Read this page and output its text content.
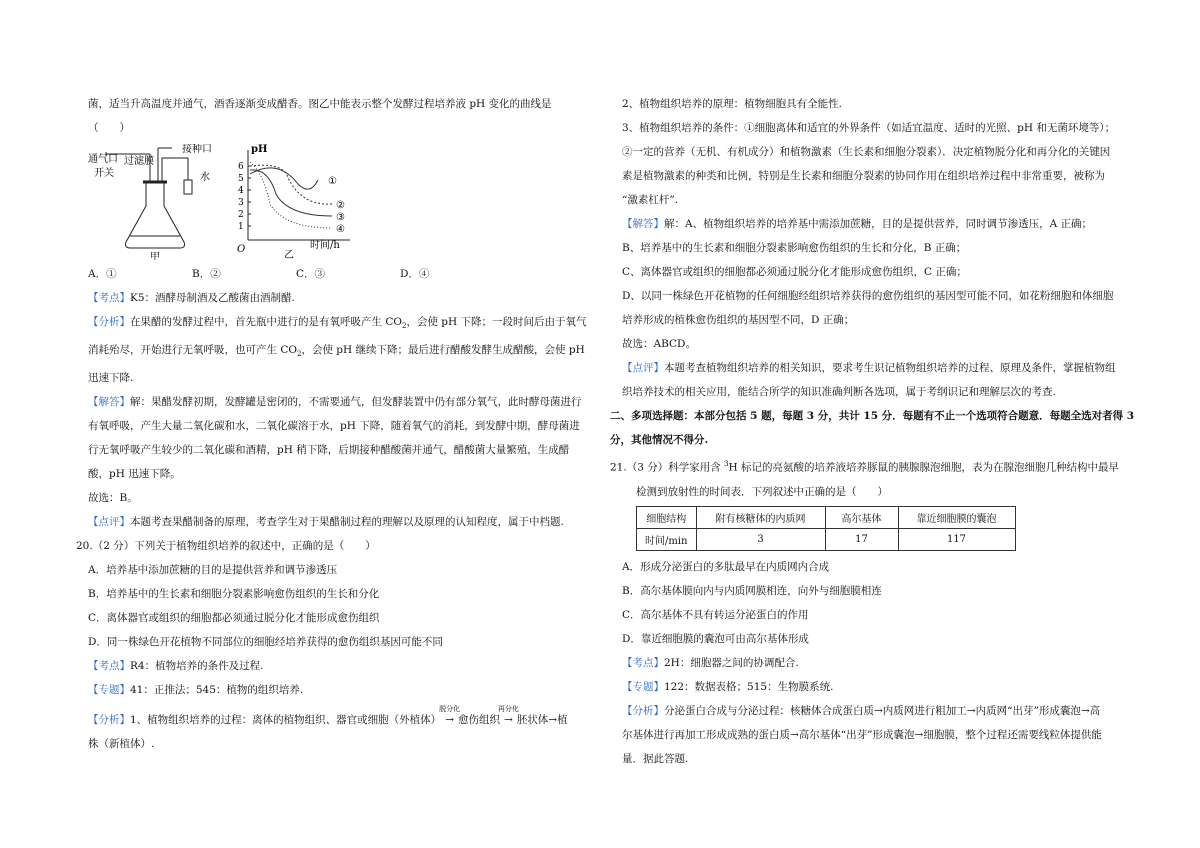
菌，适当升高温度并通气，酒香逐渐变成醋香。图乙中能表示整个发酵过程培养液 pH 变化的曲线是
（　　）
接种口
通气口 过滤膜
开关	水
甲
pH
6
5
4
3
2
1
O
①
②
③
④
时间/h
乙
A．①	B．②	C．③	D．④
【考点】K5：酒酵母制酒及乙酸菌由酒制醋.
【分析】在果醋的发酵过程中，首先瓶中进行的是有氧呼吸产生 $CO_2$，会使 pH 下降；一段时间后由于氧气
消耗殆尽，开始进行无氧呼吸，也可产生 $CO_2$，会使 pH 继续下降；最后进行醋酸发酵生成醋酸，会使 pH
迅速下降.
【解答】解：果醋发酵初期，发酵罐是密闭的，不需要通气，但发酵装置中仍有部分氧气，此时酵母菌进行
有氧呼吸，产生大量二氧化碳和水，二氧化碳溶于水，pH 下降，随着氧气的消耗，到发酵中期，酵母菌进
行无氧呼吸产生较少的二氧化碳和酒精，pH 稍下降，后期接种醋酸菌并通气，醋酸菌大量繁殖，生成醋
酸，pH 迅速下降。
故选：B。
【点评】本题考查果醋制备的原理，考查学生对于果醋制过程的理解以及原理的认知程度，属于中档题.
20.（2 分）下列关于植物组织培养的叙述中，正确的是（　　）
A．培养基中添加蔗糖的目的是提供营养和调节渗透压
B．培养基中的生长素和细胞分裂素影响愈伤组织的生长和分化
C．离体器官或组织的细胞都必须通过脱分化才能形成愈伤组织
D．同一株绿色开花植物不同部位的细胞经培养获得的愈伤组织基因可能不同
【考点】R4：植物培养的条件及过程.
【专题】41：正推法；545：植物的组织培养.
【分析】1、植物组织培养的过程：离体的植物组织、器官或细胞（外植体）
脱分化
→ 愈伤组织
再分化
→ 胚状体→植
株（新植体）.
2、植物组织培养的原理：植物细胞具有全能性.
3、植物组织培养的条件：①细胞离体和适宜的外界条件（如适宜温度、适时的光照、pH 和无菌环境等）；
②一定的营养（无机、有机成分）和植物激素（生长素和细胞分裂素）．决定植物脱分化和再分化的关键因
素是植物激素的种类和比例，特别是生长素和细胞分裂素的协同作用在组织培养过程中非常重要，被称为
“激素杠杆”.
【解答】解：A、植物组织培养的培养基中需添加蔗糖，目的是提供营养，同时调节渗透压，A 正确；
B、培养基中的生长素和细胞分裂素影响愈伤组织的生长和分化，B 正确；
C、离体器官或组织的细胞都必须通过脱分化才能形成愈伤组织，C 正确；
D、以同一株绿色开花植物的任何细胞经组织培养获得的愈伤组织的基因型可能不同，如花粉细胞和体细胞
培养形成的植株愈伤组织的基因型不同，D 正确；
故选：ABCD。
【点评】本题考查植物组织培养的相关知识，要求考生识记植物组织培养的过程、原理及条件，掌握植物组
织培养技术的相关应用，能结合所学的知识准确判断各选项，属于考纲识记和理解层次的考查.
二、多项选择题：本部分包括 5 题，每题 3 分，共计 15 分．每题有不止一个选项符合题意．每题全选对者得 3
分，其他情况不得分.
21.（3 分）科学家用含 $^3$H 标记的亮氨酸的培养液培养豚鼠的胰腺腺泡细胞，表为在腺泡细胞几种结构中最早
检测到放射性的时间表．下列叙述中正确的是（　　）
细胞结构	附有核糖体的内质网	高尔基体	靠近细胞膜的囊泡
时间/min	3	17	117
A．形成分泌蛋白的多肽最早在内质网内合成
B．高尔基体膜向内与内质网膜相连，向外与细胞膜相连
C．高尔基体不具有转运分泌蛋白的作用
D．靠近细胞膜的囊泡可由高尔基体形成
【考点】2H：细胞器之间的协调配合.
【专题】122：数据表格；515：生物膜系统.
【分析】分泌蛋白合成与分泌过程：核糖体合成蛋白质→内质网进行粗加工→内质网“出芽”形成囊泡→高
尔基体进行再加工形成成熟的蛋白质→高尔基体“出芽”形成囊泡→细胞膜，整个过程还需要线粒体提供能
量．据此答题.
